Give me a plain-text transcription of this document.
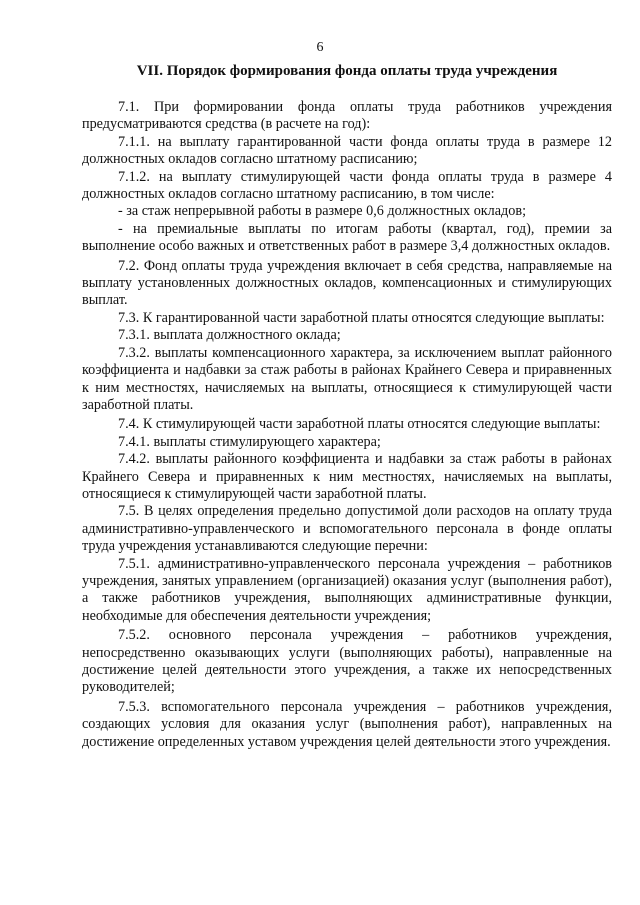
6
VII. Порядок формирования фонда оплаты труда учреждения

7.1. При формировании фонда оплаты труда работников учреждения предусматриваются средства (в расчете на год):

7.1.1. на выплату гарантированной части фонда оплаты труда в размере 12 должностных окладов согласно штатному расписанию;

7.1.2. на выплату стимулирующей части фонда оплаты труда в размере 4 должностных окладов согласно штатному расписанию, в том числе:

- за стаж непрерывной работы в размере 0,6 должностных окладов;

- на премиальные выплаты по итогам работы (квартал, год), премии за выполнение особо важных и ответственных работ в размере 3,4 должностных окладов.

7.2. Фонд оплаты труда учреждения включает в себя средства, направляемые на выплату установленных должностных окладов, компенсационных и стимулирующих выплат.

7.3. К гарантированной части заработной платы относятся следующие выплаты:

7.3.1. выплата должностного оклада;

7.3.2. выплаты компенсационного характера, за исключением выплат районного коэффициента и надбавки за стаж работы в районах Крайнего Севера и приравненных к ним местностях, начисляемых на выплаты, относящиеся к стимулирующей части заработной платы.

7.4. К стимулирующей части заработной платы относятся следующие выплаты:

7.4.1. выплаты стимулирующего характера;

7.4.2. выплаты районного коэффициента и надбавки за стаж работы в районах Крайнего Севера и приравненных к ним местностях, начисляемых на выплаты, относящиеся к стимулирующей части заработной платы.

7.5. В целях определения предельно допустимой доли расходов на оплату труда административно-управленческого и вспомогательного персонала в фонде оплаты труда учреждения устанавливаются следующие перечни:

7.5.1. административно-управленческого персонала учреждения – работников учреждения, занятых управлением (организацией) оказания услуг (выполнения работ), а также работников учреждения, выполняющих административные функции, необходимые для обеспечения деятельности учреждения;

7.5.2. основного персонала учреждения – работников учреждения, непосредственно оказывающих услуги (выполняющих работы), направленные на достижение целей деятельности этого учреждения, а также их непосредственных руководителей;

7.5.3. вспомогательного персонала учреждения – работников учреждения, создающих условия для оказания услуг (выполнения работ), направленных на достижение определенных уставом учреждения целей деятельности этого учреждения.
